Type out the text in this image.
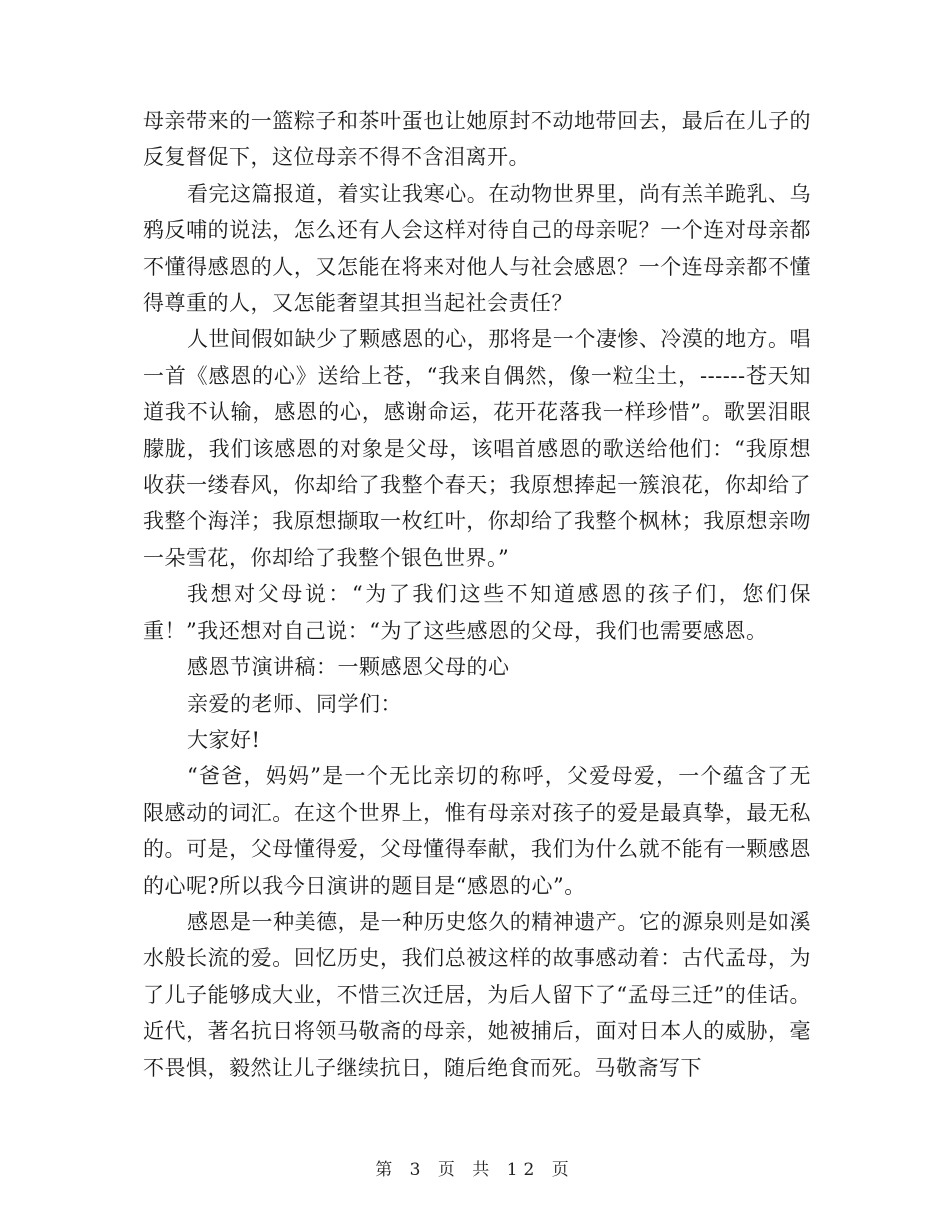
母亲带来的一篮粽子和茶叶蛋也让她原封不动地带回去，最后在儿子的反复督促下，这位母亲不得不含泪离开。

看完这篇报道，着实让我寒心。在动物世界里，尚有羔羊跪乳、乌鸦反哺的说法，怎么还有人会这样对待自己的母亲呢？一个连对母亲都不懂得感恩的人，又怎能在将来对他人与社会感恩？一个连母亲都不懂得尊重的人，又怎能奢望其担当起社会责任？

人世间假如缺少了颗感恩的心，那将是一个凄惨、冷漠的地方。唱一首《感恩的心》送给上苍，“我来自偶然，像一粒尘土，------苍天知道我不认输，感恩的心，感谢命运，花开花落我一样珍惜”。歌罢泪眼朦胧，我们该感恩的对象是父母，该唱首感恩的歌送给他们：“我原想收获一缕春风，你却给了我整个春天；我原想捧起一簇浪花，你却给了我整个海洋；我原想撷取一枚红叶，你却给了我整个枫林；我原想亲吻一朵雪花，你却给了我整个银色世界。”

我想对父母说：“为了我们这些不知道感恩的孩子们，您们保重！”我还想对自己说：“为了这些感恩的父母，我们也需要感恩。

感恩节演讲稿：一颗感恩父母的心

亲爱的老师、同学们：

大家好!

“爸爸，妈妈”是一个无比亲切的称呼，父爱母爱，一个蕴含了无限感动的词汇。在这个世界上，惟有母亲对孩子的爱是最真挚，最无私的。可是，父母懂得爱，父母懂得奉献，我们为什么就不能有一颗感恩的心呢?所以我今日演讲的题目是“感恩的心”。

感恩是一种美德，是一种历史悠久的精神遗产。它的源泉则是如溪水般长流的爱。回忆历史，我们总被这样的故事感动着：古代孟母，为了儿子能够成大业，不惜三次迁居，为后人留下了“孟母三迁”的佳话。近代，著名抗日将领马敬斋的母亲，她被捕后，面对日本人的威胁，毫不畏惧，毅然让儿子继续抗日，随后绝食而死。马敬斋写下

第 3 页 共 12 页
